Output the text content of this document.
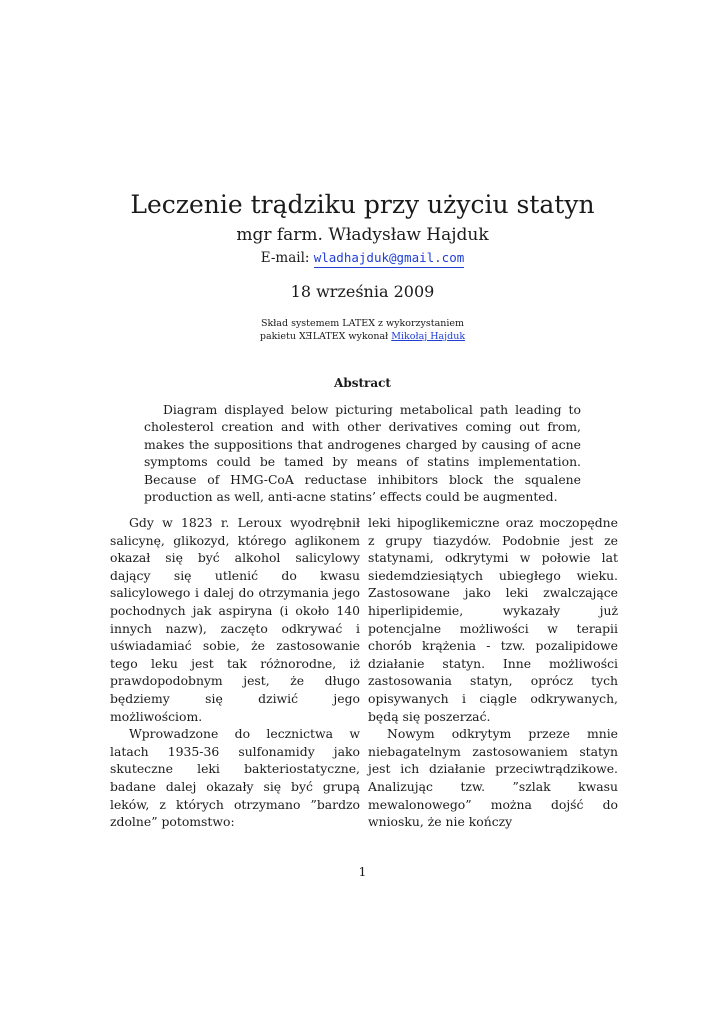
Leczenie trądziku przy użyciu statyn
mgr farm. Władysław Hajduk
E-mail: wladhajduk@gmail.com
18 września 2009
Skład systemem LATEX z wykorzystaniem
pakietu XƎLATEX wykonał Mikołaj Hajduk
Abstract

Diagram displayed below picturing metabolical path leading to cholesterol creation and with other derivatives coming out from, makes the suppositions that androgenes charged by causing of acne symptoms could be tamed by means of statins implementation. Because of HMG-CoA reductase inhibitors block the squalene production as well, anti-acne statins’ effects could be augmented.

Gdy w 1823 r. Leroux wyodrębnił salicynę, glikozyd, którego aglikonem okazał się być alkohol salicylowy dający się utlenić do kwasu salicylowego i dalej do otrzymania jego pochodnych jak aspiryna (i około 140 innych nazw), zaczęto odkrywać i uświadamiać sobie, że zastosowanie tego leku jest tak różnorodne, iż prawdopodobnym jest, że długo będziemy się dziwić jego możliwościom.

Wprowadzone do lecznictwa w latach 1935-36 sulfonamidy jako skuteczne leki bakteriostatyczne, badane dalej okazały się być grupą leków, z których otrzymano ”bardzo zdolne” potomstwo:

leki hipoglikemiczne oraz moczopędne z grupy tiazydów. Podobnie jest ze statynami, odkrytymi w połowie lat siedemdziesiątych ubiegłego wieku. Zastosowane jako leki zwalczające hiperlipidemie, wykazały już potencjalne możliwości w terapii chorób krążenia - tzw. pozalipidowe działanie statyn. Inne możliwości zastosowania statyn, oprócz tych opisywanych i ciągle odkrywanych, będą się poszerzać.

Nowym odkrytym przeze mnie niebagatelnym zastosowaniem statyn jest ich działanie przeciwtrądzikowe. Analizując tzw. ”szlak kwasu mewalonowego” można dojść do wniosku, że nie kończy

1
